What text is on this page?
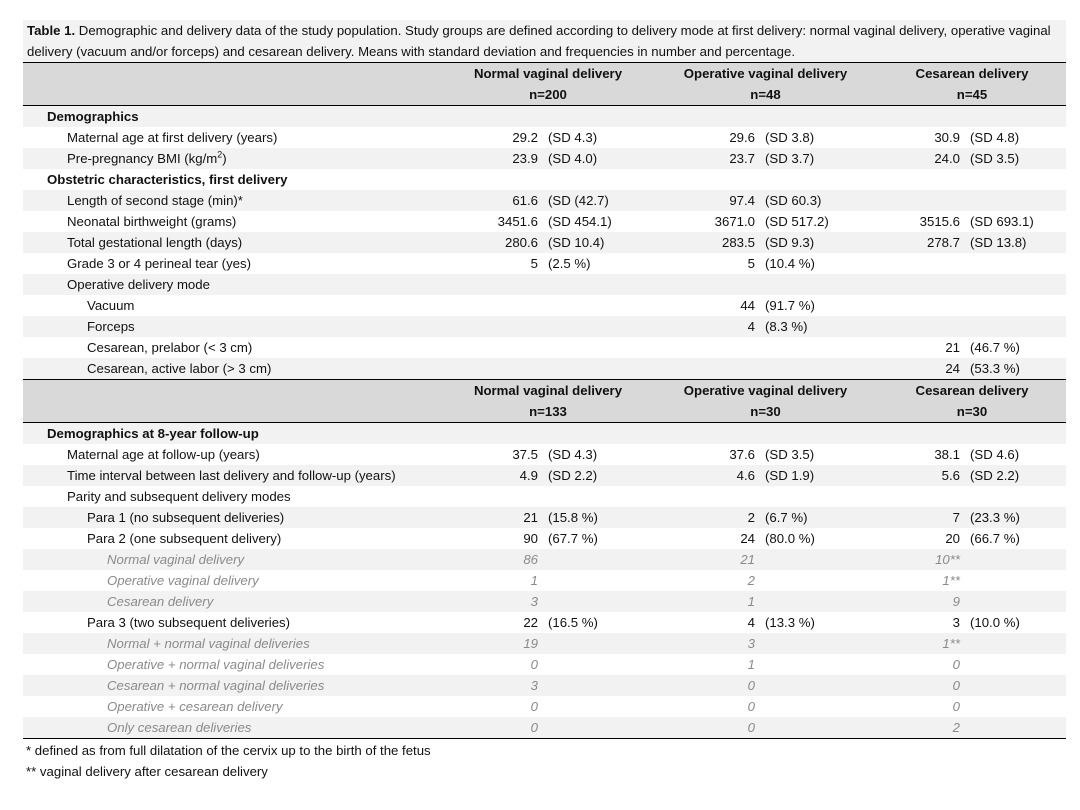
Table 1. Demographic and delivery data of the study population. Study groups are defined according to delivery mode at first delivery: normal vaginal delivery, operative vaginal delivery (vacuum and/or forceps) and cesarean delivery. Means with standard deviation and frequencies in number and percentage.

	Normal vaginal delivery		Operative vaginal delivery		Cesarean delivery	
	n=200		n=48		n=45	
Demographics						
Maternal age at first delivery (years)	29.2	(SD 4.3)	29.6	(SD 3.8)	30.9	(SD 4.8)
Pre-pregnancy BMI $(kg/m^2)$	23.9	(SD 4.0)	23.7	(SD 3.7)	24.0	(SD 3.5)
Obstetric characteristics, first delivery						
Length of second stage (min)*	61.6	(SD (42.7)	97.4	(SD 60.3)		
Neonatal birthweight (grams)	3451.6	(SD 454.1)	3671.0	(SD 517.2)	3515.6	(SD 693.1)
Total gestational length (days)	280.6	(SD 10.4)	283.5	(SD 9.3)	278.7	(SD 13.8)
Grade 3 or 4 perineal tear (yes)	5	(2.5 %)	5	(10.4 %)		
Operative delivery mode						
Vacuum			44	(91.7 %)		
Forceps			4	(8.3 %)		
Cesarean, prelabor (< 3 cm)					21	(46.7 %)
Cesarean, active labor (> 3 cm)					24	(53.3 %)
	Normal vaginal delivery		Operative vaginal delivery		Cesarean delivery	
	n=133		n=30		n=30	
Demographics at 8-year follow-up						
Maternal age at follow-up (years)	37.5	(SD 4.3)	37.6	(SD 3.5)	38.1	(SD 4.6)
Time interval between last delivery and follow-up (years)	4.9	(SD 2.2)	4.6	(SD 1.9)	5.6	(SD 2.2)
Parity and subsequent delivery modes						
Para 1 (no subsequent deliveries)	21	(15.8 %)	2	(6.7 %)	7	(23.3 %)
Para 2 (one subsequent delivery)	90	(67.7 %)	24	(80.0 %)	20	(66.7 %)
Normal vaginal delivery	86		21		10**	
Operative vaginal delivery	1		2		1**	
Cesarean delivery	3		1		9	
Para 3 (two subsequent deliveries)	22	(16.5 %)	4	(13.3 %)	3	(10.0 %)
Normal + normal vaginal deliveries	19		3		1**	
Operative + normal vaginal deliveries	0		1		0	
Cesarean + normal vaginal deliveries	3		0		0	
Operative + cesarean delivery	0		0		0	
Only cesarean deliveries	0		0		2	
* defined as from full dilatation of the cervix up to the birth of the fetus
** vaginal delivery after cesarean delivery
